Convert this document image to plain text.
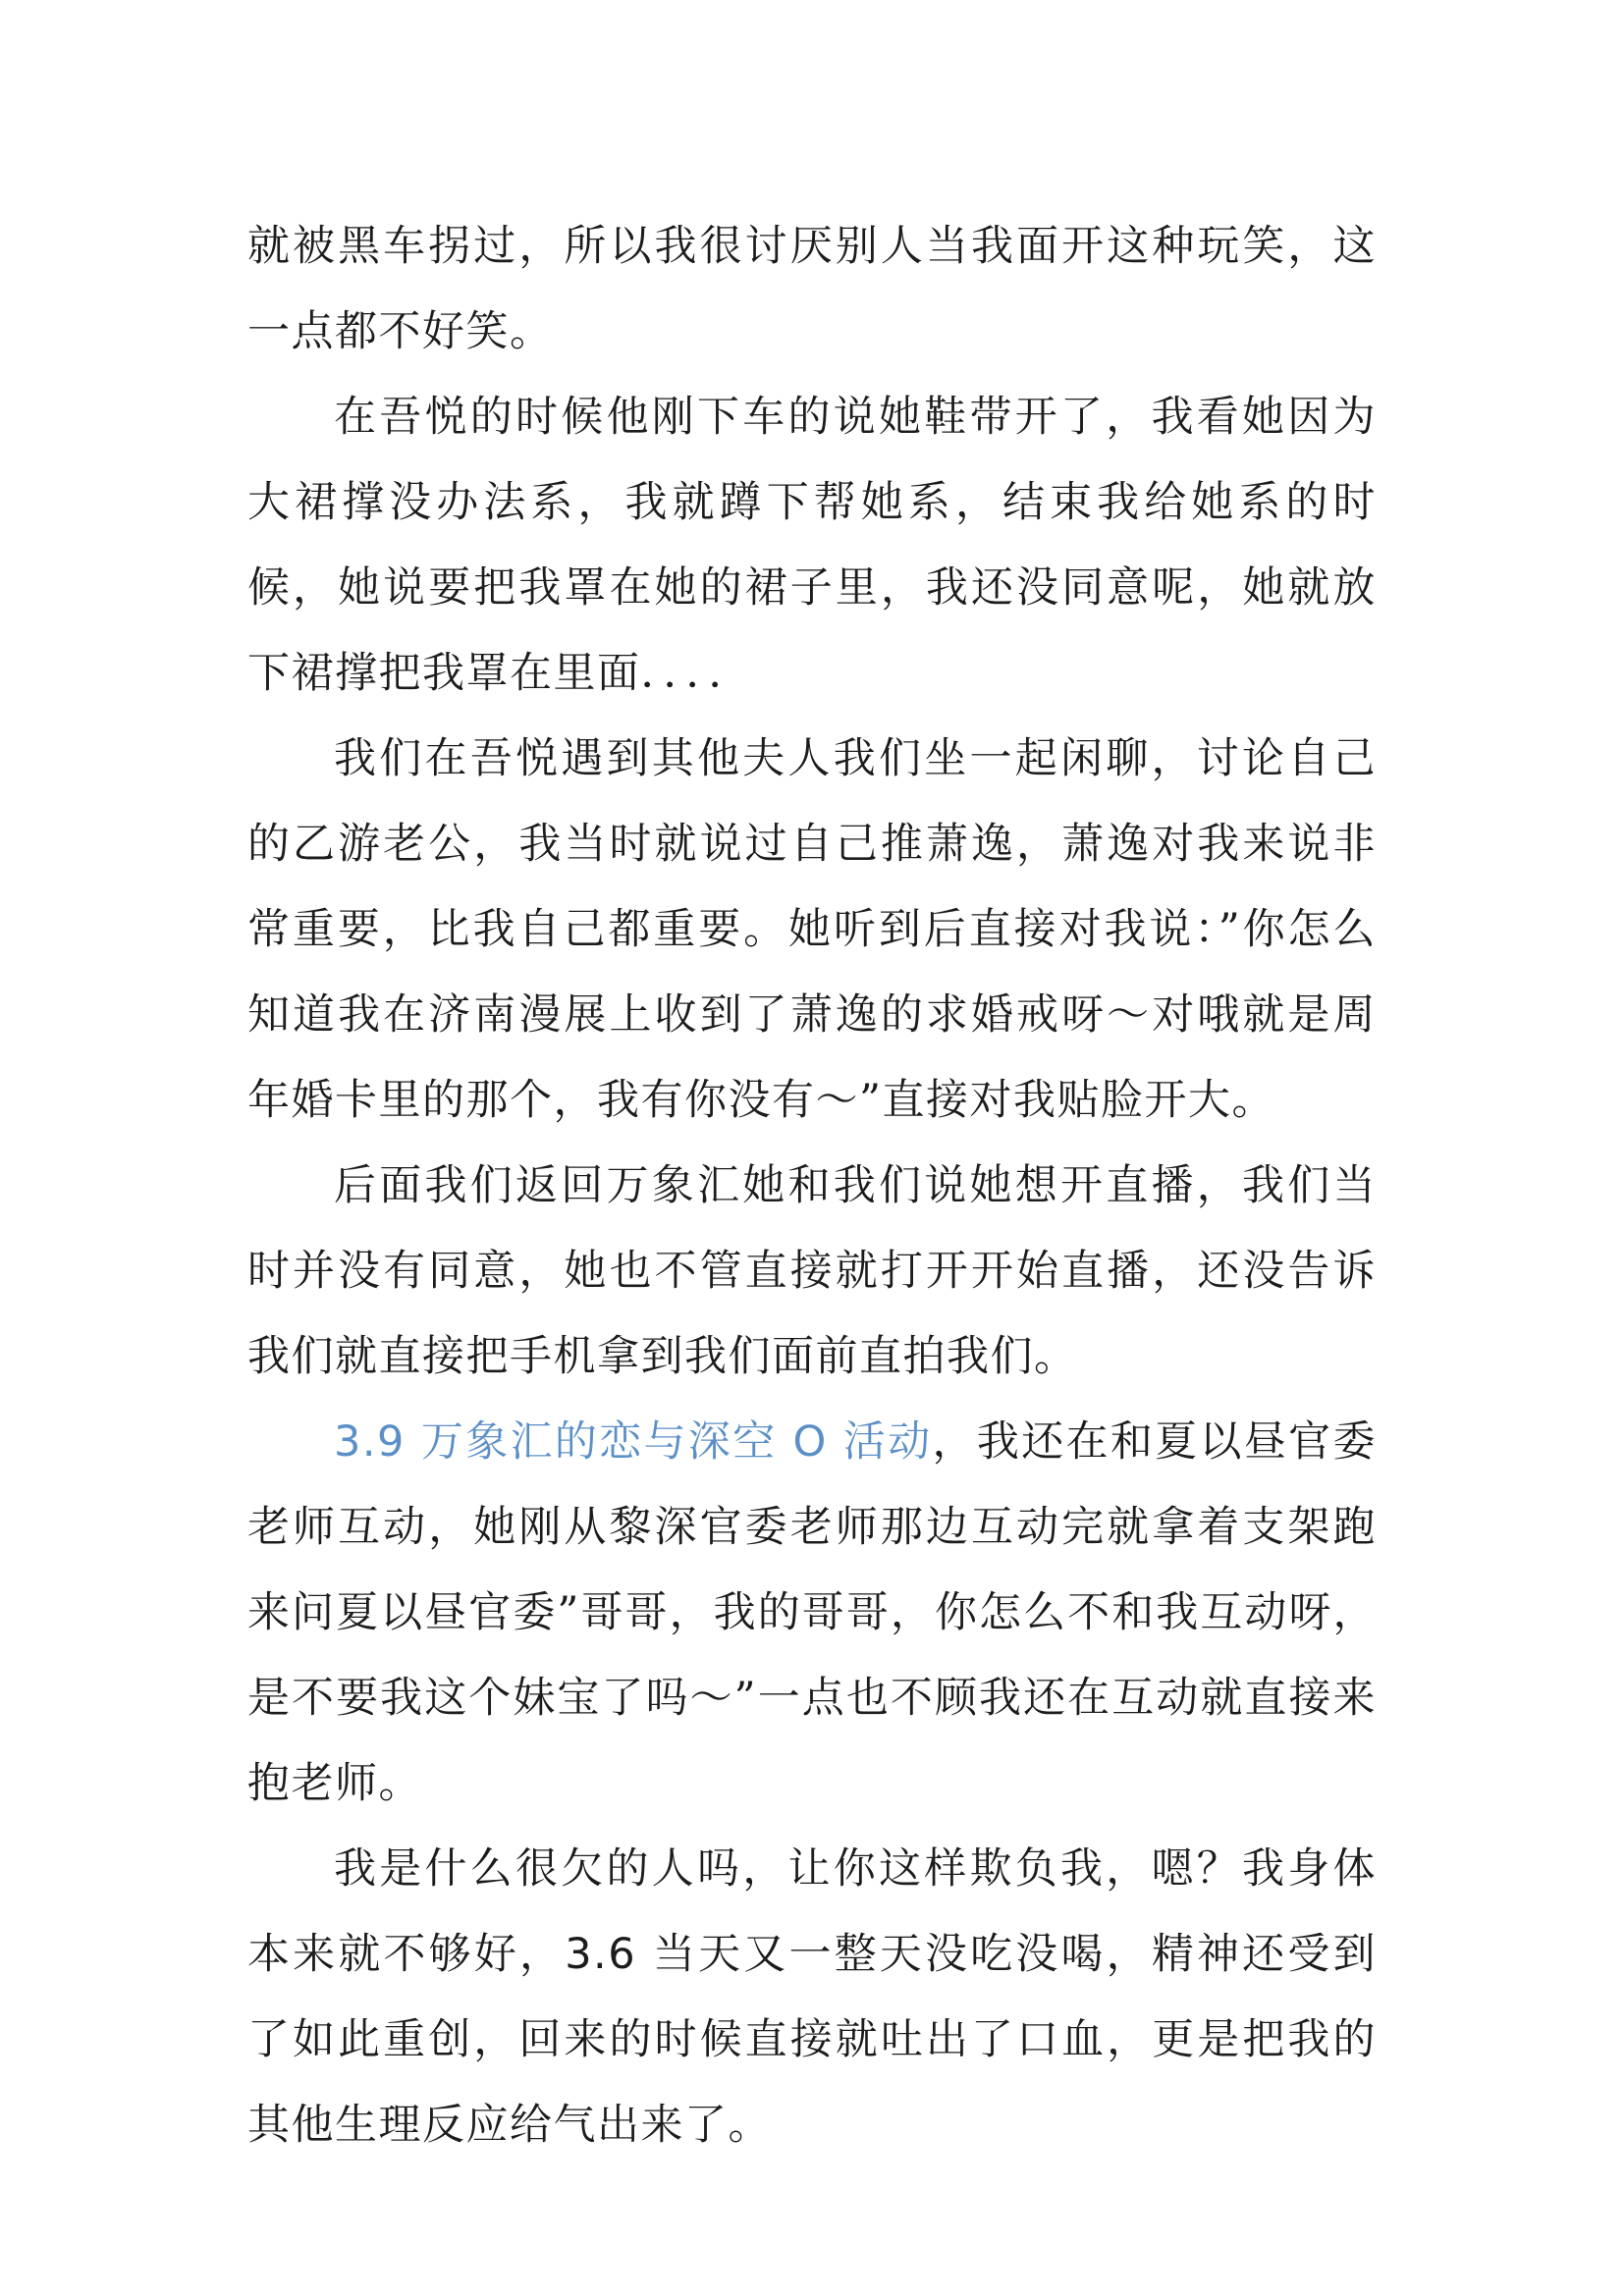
就被黑车拐过，所以我很讨厌别人当我面开这种玩笑，这一点都不好笑。

在吾悦的时候他刚下车的说她鞋带开了，我看她因为大裙撑没办法系，我就蹲下帮她系，结束我给她系的时候，她说要把我罩在她的裙子里，我还没同意呢，她就放下裙撑把我罩在里面．．．．

我们在吾悦遇到其他夫人我们坐一起闲聊，讨论自己的乙游老公，我当时就说过自己推萧逸，萧逸对我来说非常重要，比我自己都重要。她听到后直接对我说：”你怎么知道我在济南漫展上收到了萧逸的求婚戒呀～对哦就是周年婚卡里的那个，我有你没有～”直接对我贴脸开大。

后面我们返回万象汇她和我们说她想开直播，我们当时并没有同意，她也不管直接就打开开始直播，还没告诉我们就直接把手机拿到我们面前直拍我们。

3.9 万象汇的恋与深空 O 活动，我还在和夏以昼官委老师互动，她刚从黎深官委老师那边互动完就拿着支架跑来问夏以昼官委”哥哥，我的哥哥，你怎么不和我互动呀，是不要我这个妹宝了吗～”一点也不顾我还在互动就直接来抱老师。

我是什么很欠的人吗，让你这样欺负我，嗯？我身体本来就不够好，3.6 当天又一整天没吃没喝，精神还受到了如此重创，回来的时候直接就吐出了口血，更是把我的其他生理反应给气出来了。
